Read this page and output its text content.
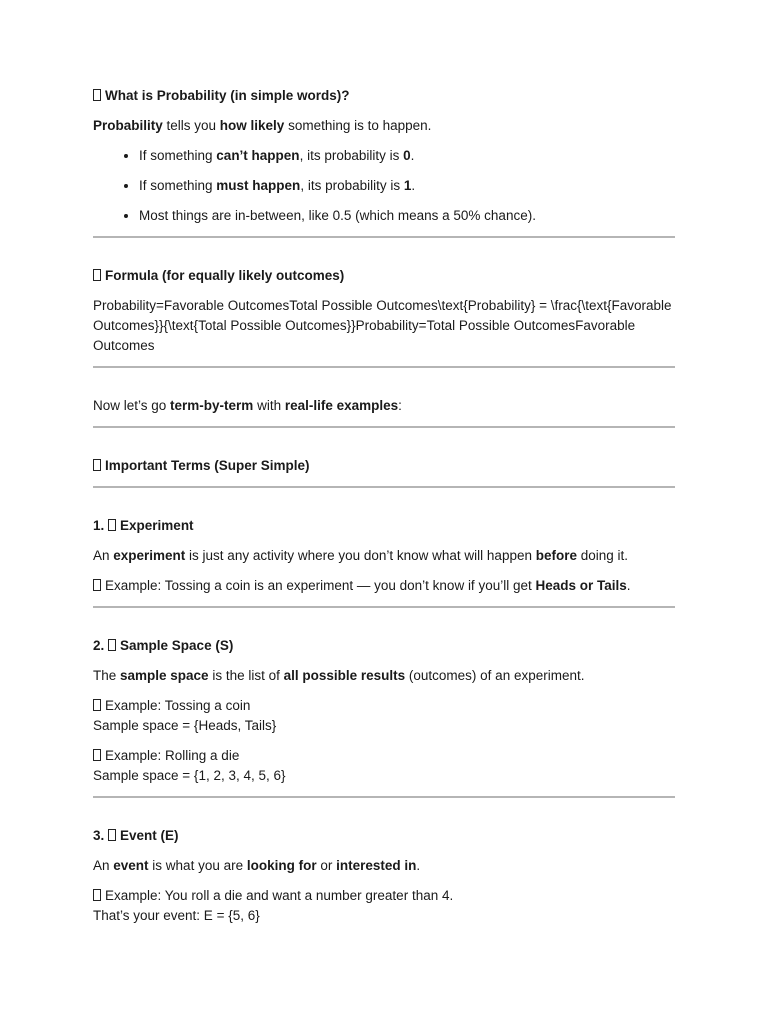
What is Probability (in simple words)?

Probability tells you how likely something is to happen.

• If something can’t happen, its probability is 0.
• If something must happen, its probability is 1.
• Most things are in-between, like 0.5 (which means a 50% chance).
Formula (for equally likely outcomes)

Probability=Favorable OutcomesTotal Possible Outcomes\text{Probability} = \frac{\text{Favorable Outcomes}}{\text{Total Possible Outcomes}}Probability=Total Possible OutcomesFavorable Outcomes

Now let’s go term-by-term with real-life examples:

Important Terms (Super Simple)
1. Experiment

An experiment is just any activity where you don’t know what will happen before doing it.

Example: Tossing a coin is an experiment — you don’t know if you’ll get Heads or Tails.

2. Sample Space (S)

The sample space is the list of all possible results (outcomes) of an experiment.

Example: Tossing a coin
Sample space = {Heads, Tails}

Example: Rolling a die
Sample space = {1, 2, 3, 4, 5, 6}

3. Event (E)

An event is what you are looking for or interested in.

Example: You roll a die and want a number greater than 4.
That’s your event: E = {5, 6}
